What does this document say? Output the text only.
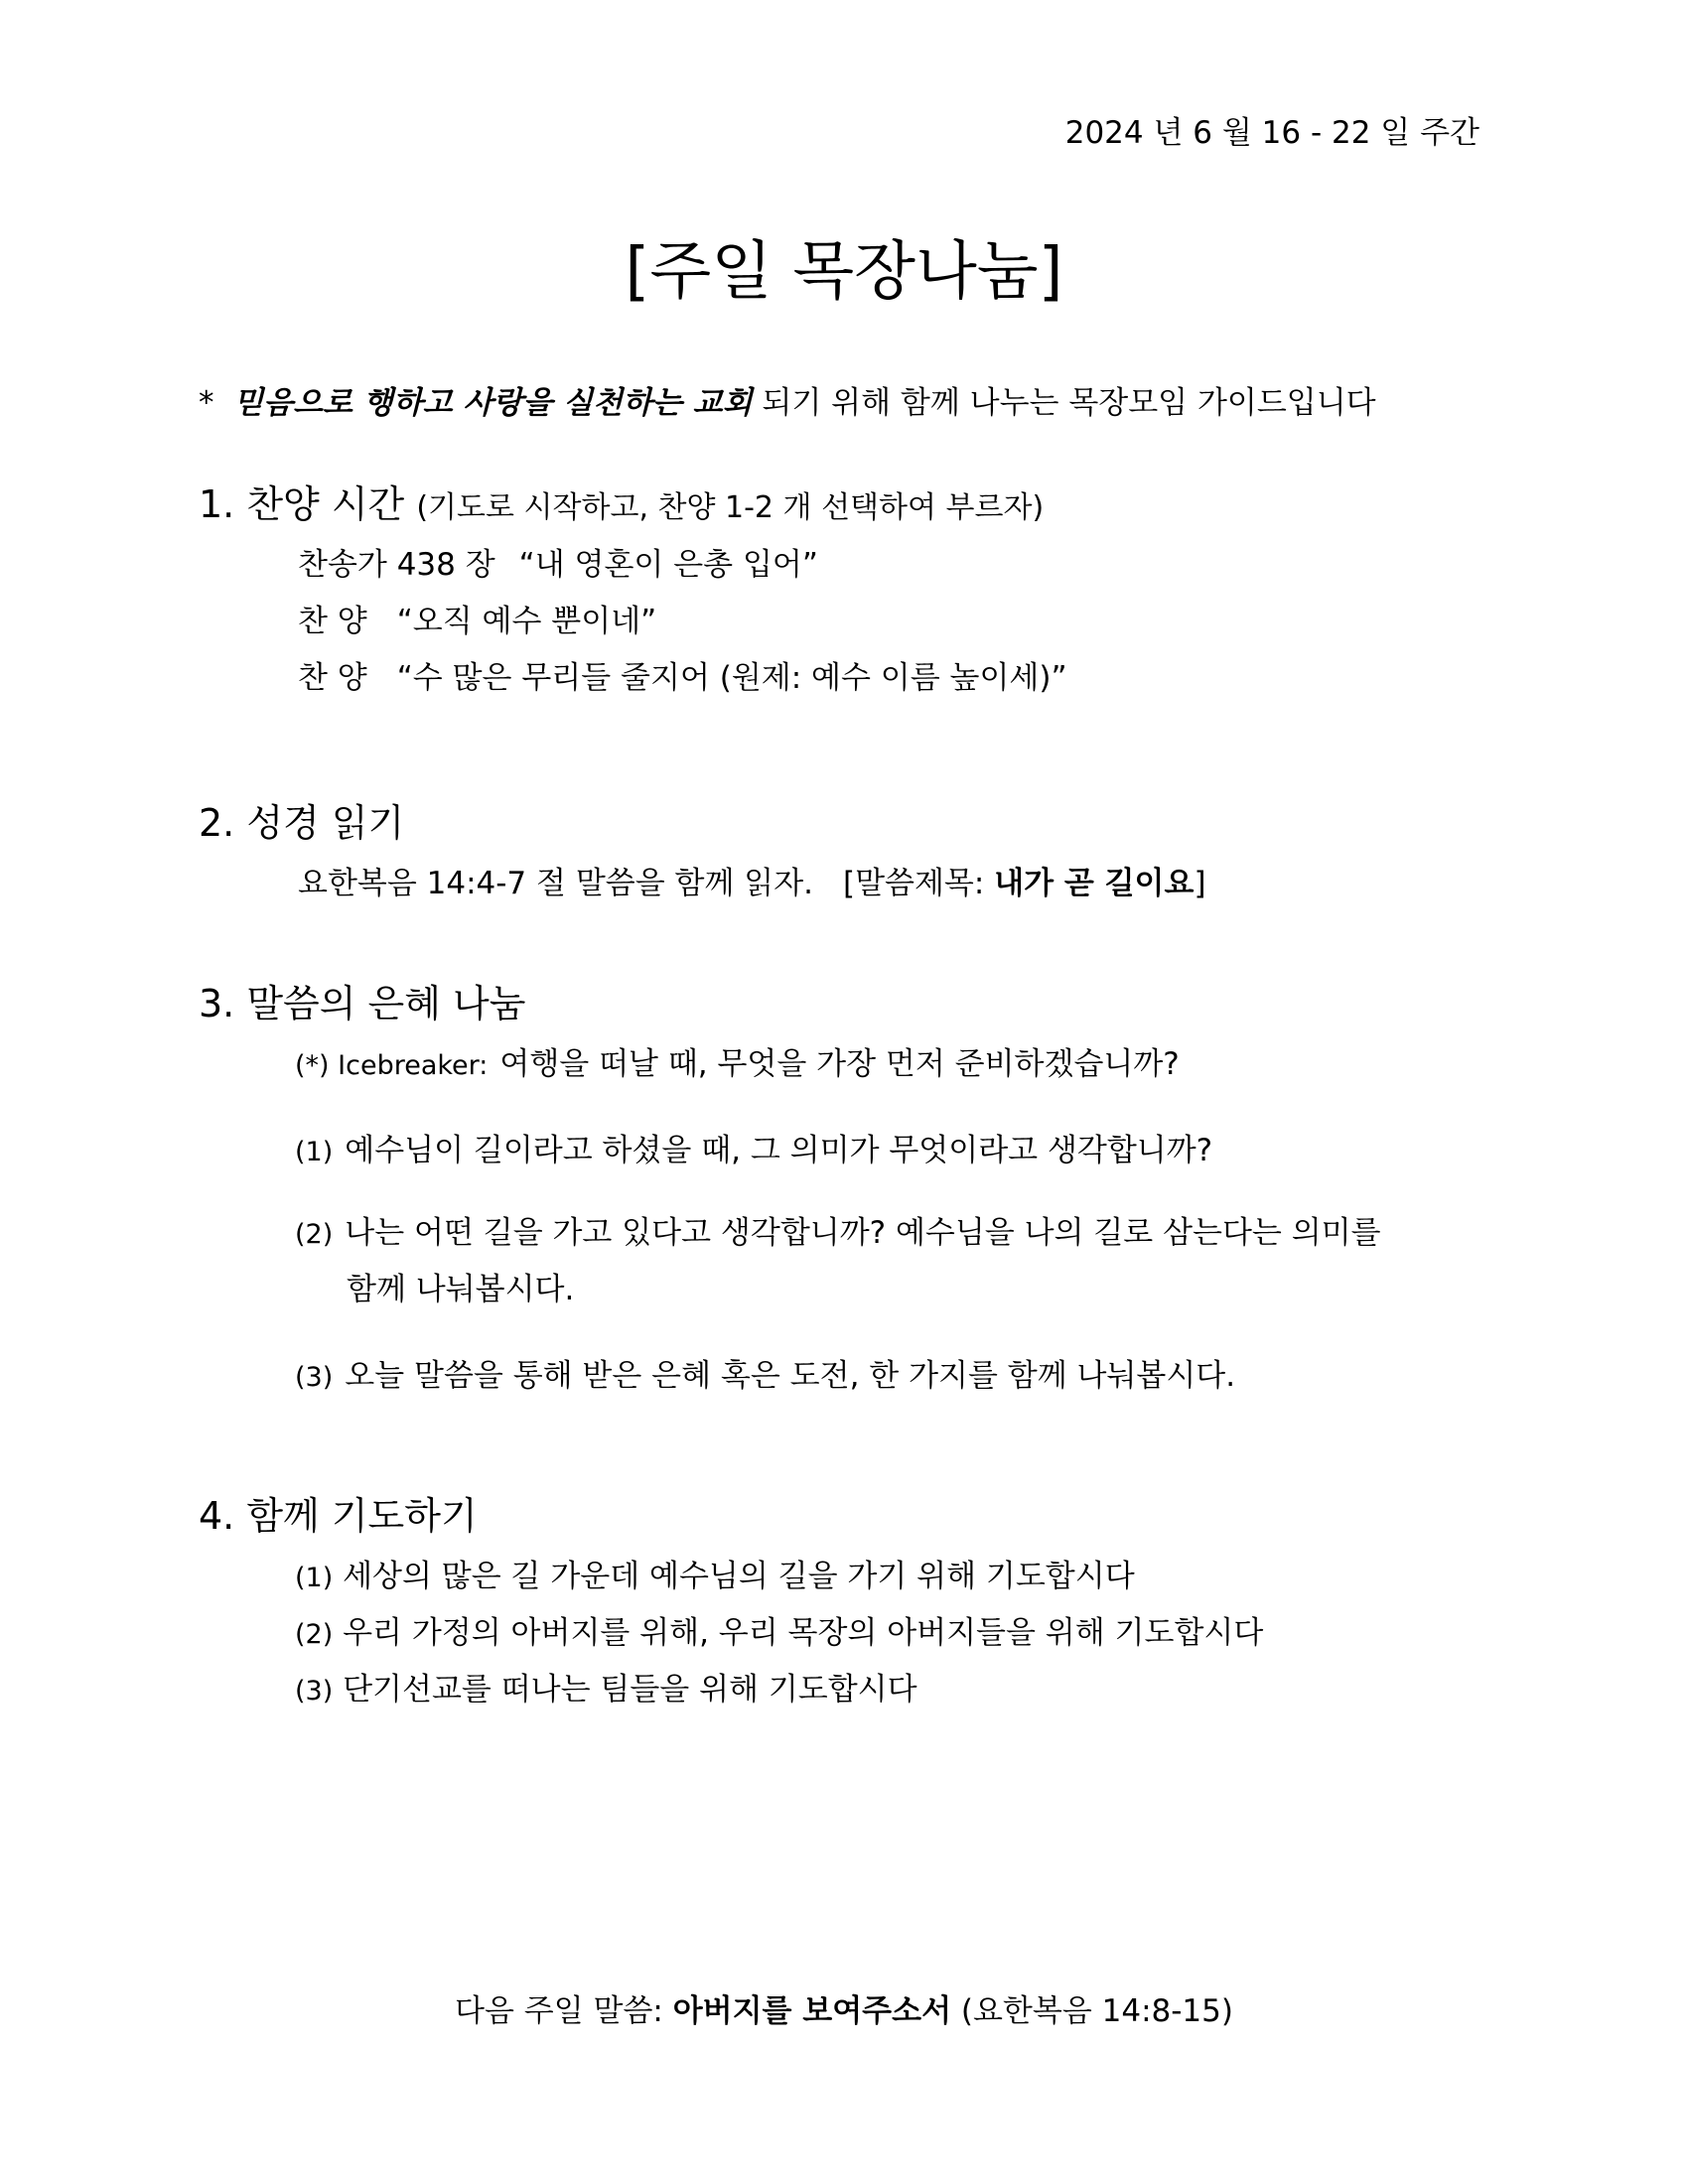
2024 년 6 월 16 - 22 일 주간
[주일 목장나눔]
* 믿음으로 행하고 사랑을 실천하는 교회 되기 위해 함께 나누는 목장모임 가이드입니다
1. 찬양 시간 (기도로 시작하고, 찬양 1-2 개 선택하여 부르자)
찬송가 438 장 “내 영혼이 은총 입어”
찬 양 “오직 예수 뿐이네”
찬 양 “수 많은 무리들 줄지어 (원제: 예수 이름 높이세)”
2. 성경 읽기
요한복음 14:4-7 절 말씀을 함께 읽자. [말씀제목: 내가 곧 길이요]
3. 말씀의 은혜 나눔
(*) Icebreaker: 여행을 떠날 때, 무엇을 가장 먼저 준비하겠습니까?
(1) 예수님이 길이라고 하셨을 때, 그 의미가 무엇이라고 생각합니까?
(2) 나는 어떤 길을 가고 있다고 생각합니까? 예수님을 나의 길로 삼는다는 의미를
함께 나눠봅시다.
(3) 오늘 말씀을 통해 받은 은혜 혹은 도전, 한 가지를 함께 나눠봅시다.
4. 함께 기도하기
(1) 세상의 많은 길 가운데 예수님의 길을 가기 위해 기도합시다
(2) 우리 가정의 아버지를 위해, 우리 목장의 아버지들을 위해 기도합시다
(3) 단기선교를 떠나는 팀들을 위해 기도합시다
다음 주일 말씀: 아버지를 보여주소서 (요한복음 14:8-15)
